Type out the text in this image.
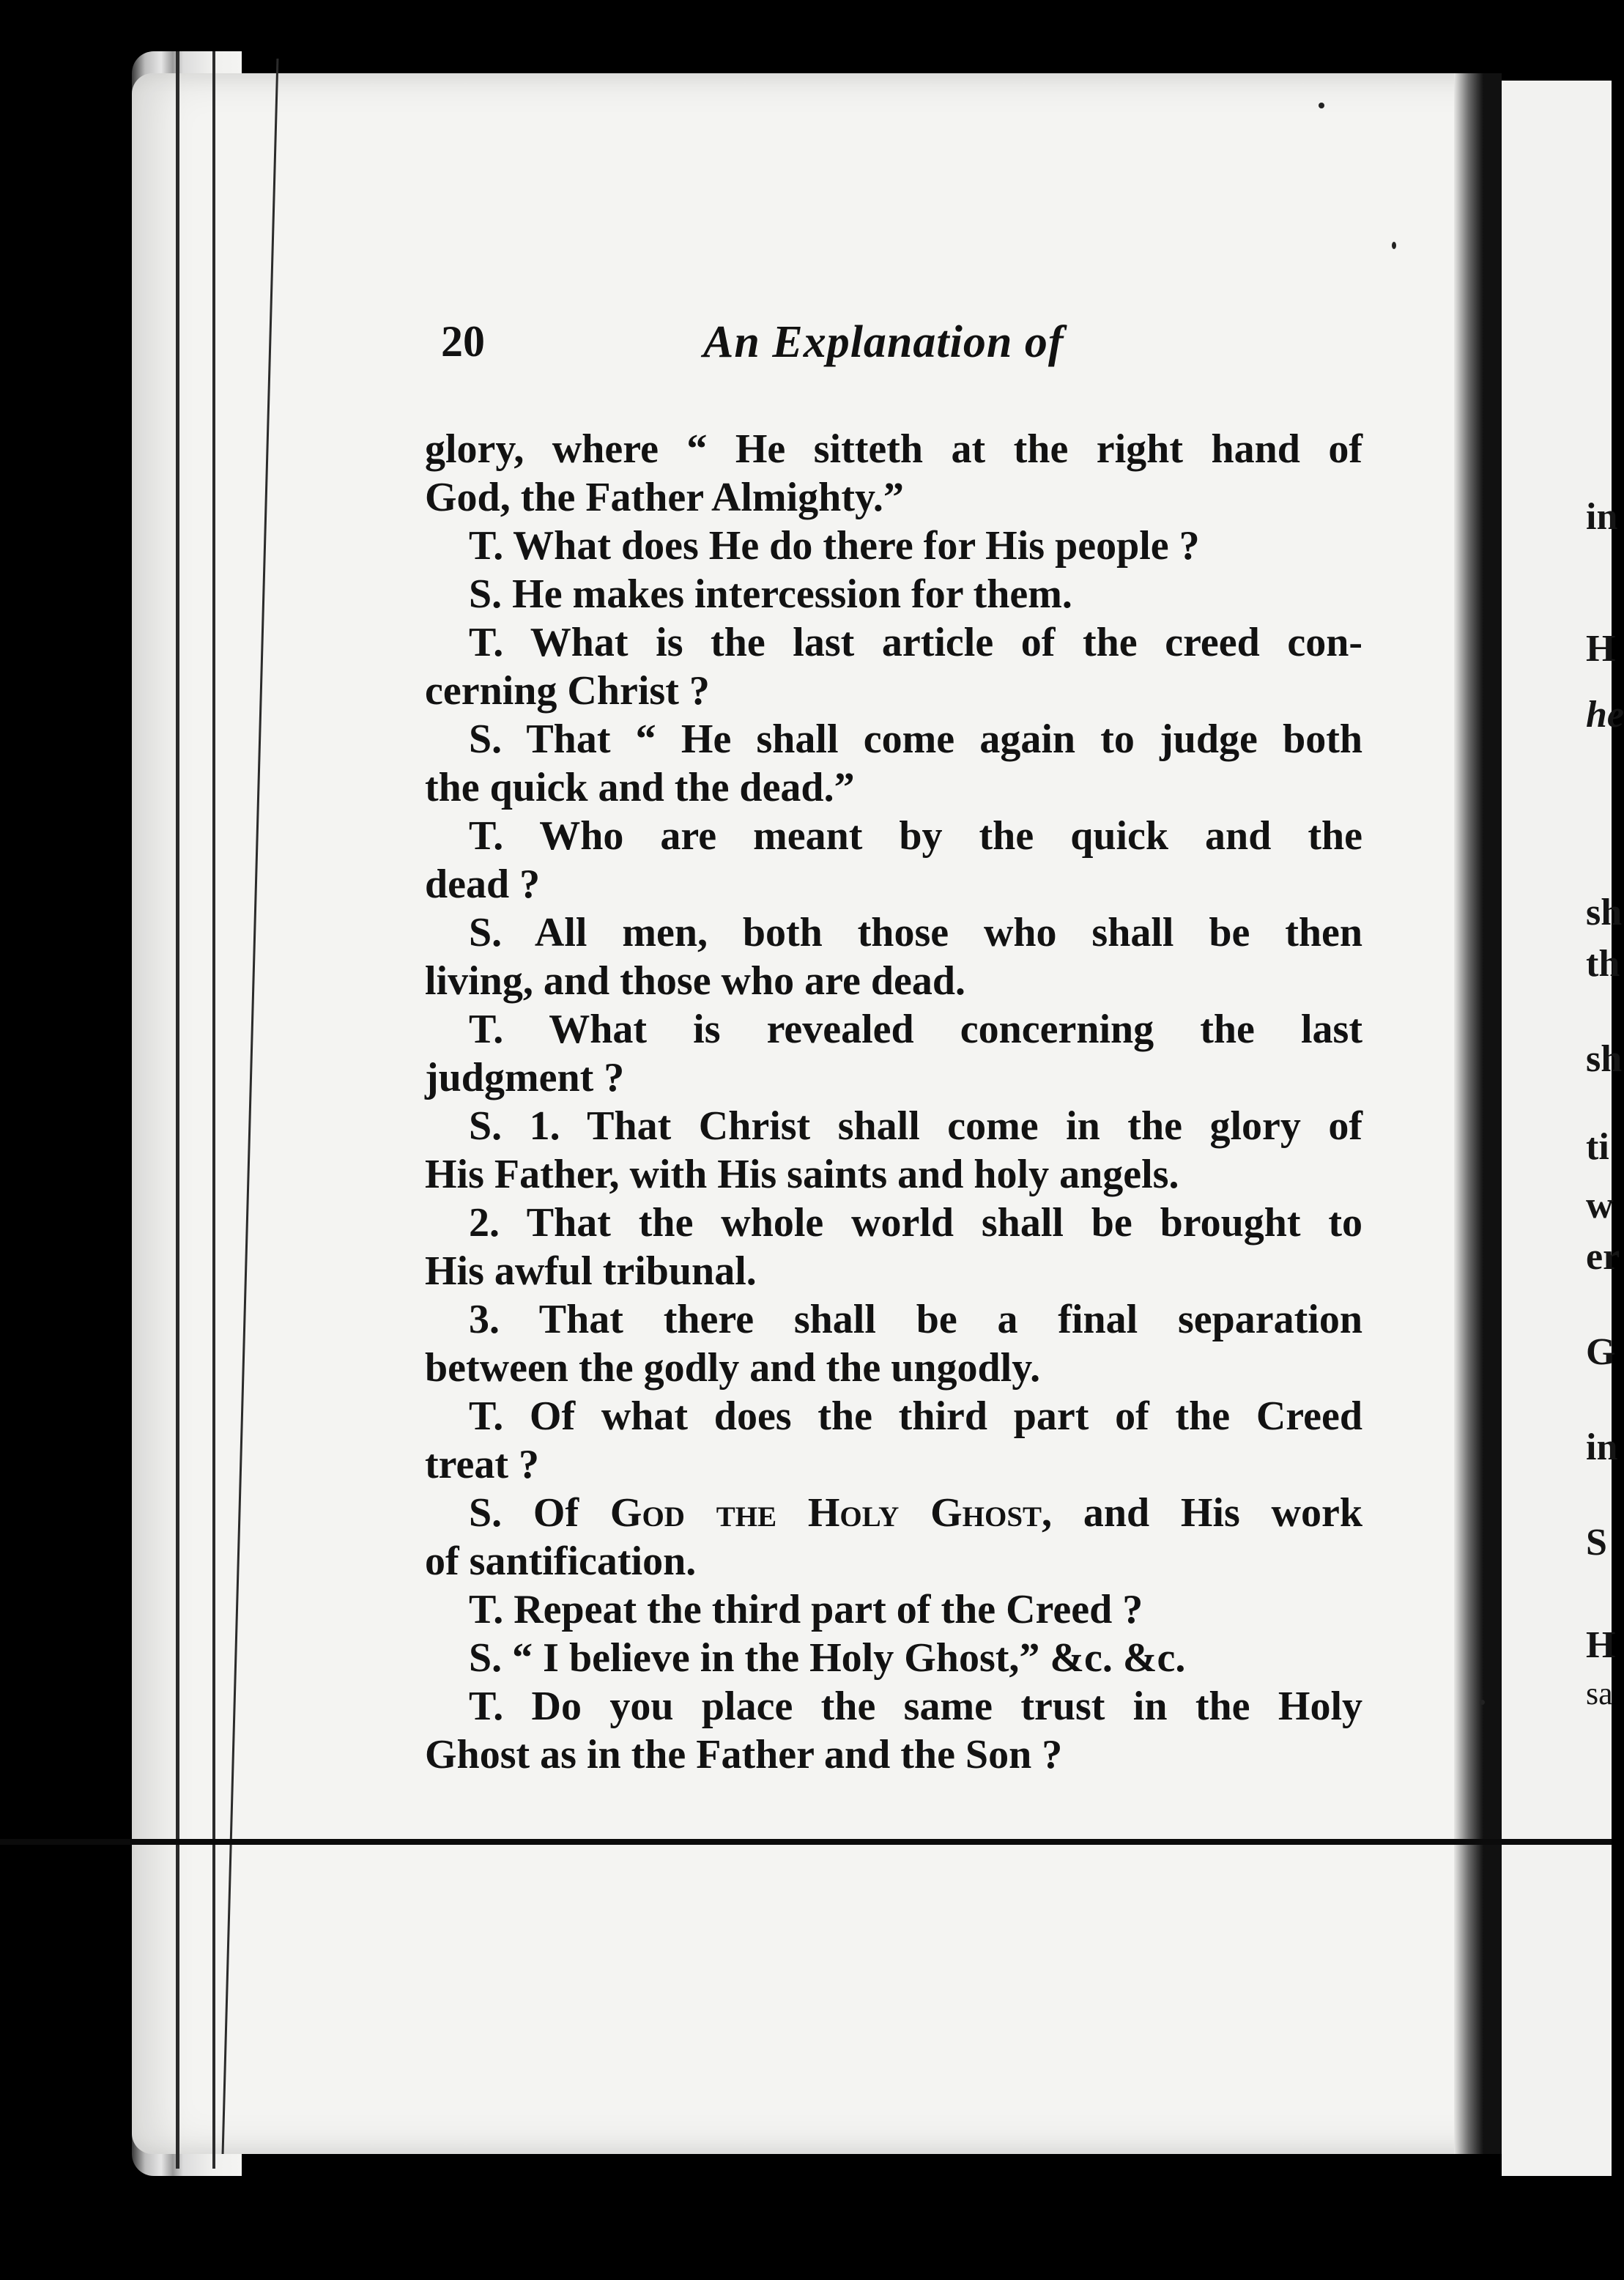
20	An Explanation of
glory, where “ He sitteth at the right hand of
God, the Father Almighty.”
T. What does He do there for His people ?
S. He makes intercession for them.
T. What is the last article of the creed con-
cerning Christ ?
S. That “ He shall come again to judge both
the quick and the dead.”
T. Who are meant by the quick and the
dead ?
S. All men, both those who shall be then
living, and those who are dead.
T. What is revealed concerning the last
judgment ?
S. 1. That Christ shall come in the glory of
His Father, with His saints and holy angels.
2. That the whole world shall be brought to
His awful tribunal.
3. That there shall be a final separation
between the godly and the ungodly.
T. Of what does the third part of the Creed
treat ?
S. Of God the Holy Ghost, and His work
of santification.
T. Repeat the third part of the Creed ?
S. “ I believe in the Holy Ghost,” &c. &c.
T. Do you place the same trust in the Holy
Ghost as in the Father and the Son ?
in
H
he
sh
th
sh
ti
w
er
G
in
S
H
sa
